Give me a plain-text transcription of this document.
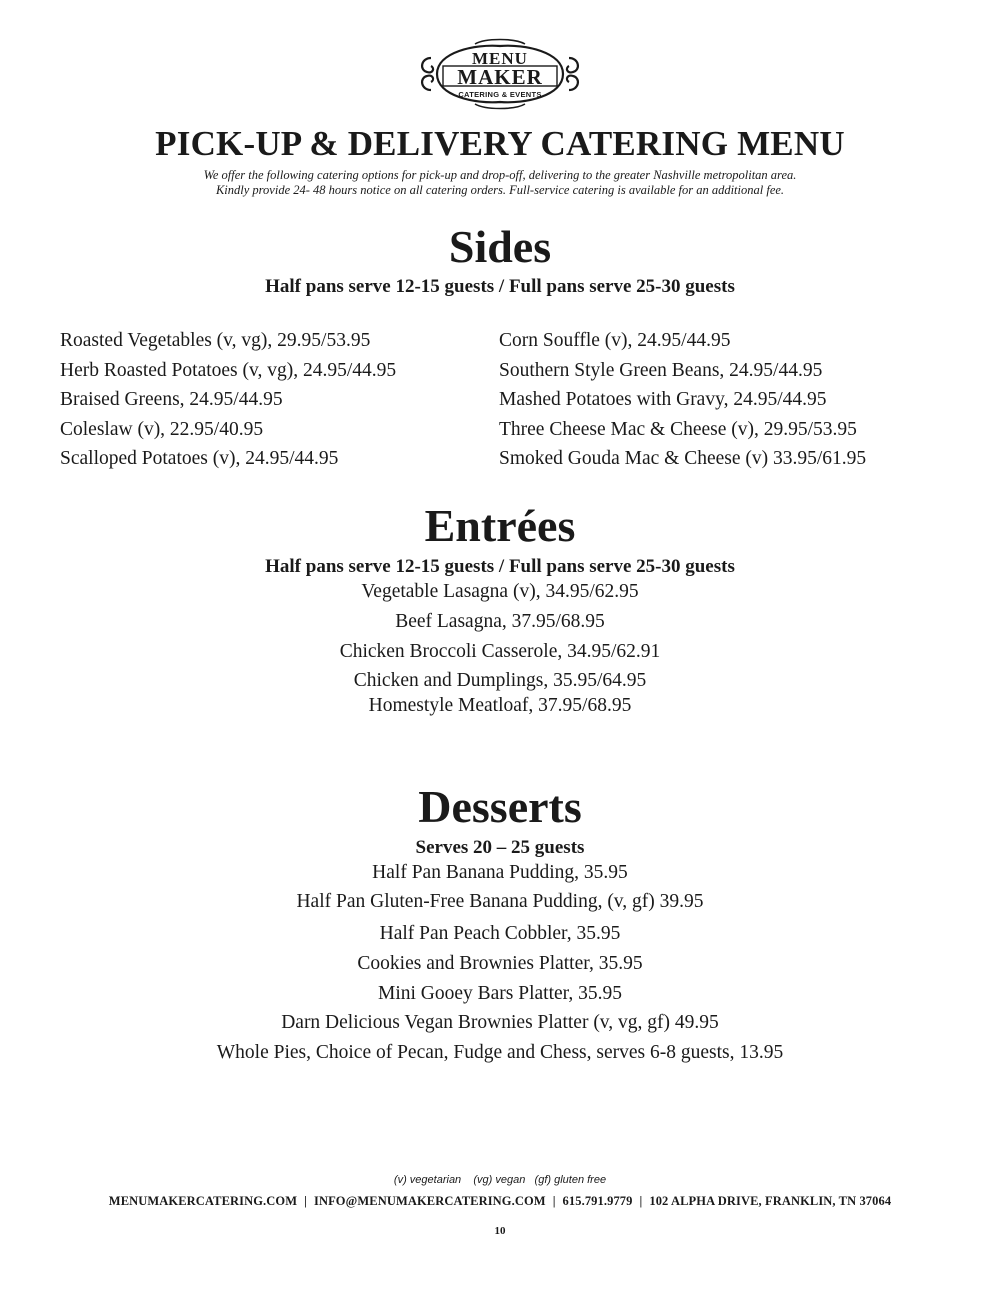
MENU
MAKER
CATERING & EVENTS
PICK-UP & DELIVERY CATERING MENU
We offer the following catering options for pick-up and drop-off, delivering to the greater Nashville metropolitan area.
Kindly provide 24- 48 hours notice on all catering orders. Full-service catering is available for an additional fee.
Sides
Half pans serve 12-15 guests / Full pans serve 25-30 guests
Roasted Vegetables (v, vg), 29.95/53.95
Herb Roasted Potatoes (v, vg), 24.95/44.95
Braised Greens, 24.95/44.95
Coleslaw (v), 22.95/40.95
Scalloped Potatoes (v), 24.95/44.95
Corn Souffle (v), 24.95/44.95
Southern Style Green Beans, 24.95/44.95
Mashed Potatoes with Gravy, 24.95/44.95
Three Cheese Mac & Cheese (v), 29.95/53.95
Smoked Gouda Mac & Cheese (v) 33.95/61.95
Entrées
Half pans serve 12-15 guests / Full pans serve 25-30 guests
Vegetable Lasagna (v), 34.95/62.95
Beef Lasagna, 37.95/68.95
Chicken Broccoli Casserole, 34.95/62.91
Chicken and Dumplings, 35.95/64.95
Homestyle Meatloaf, 37.95/68.95
Desserts
Serves 20 – 25 guests
Half Pan Banana Pudding, 35.95
Half Pan Gluten-Free Banana Pudding, (v, gf) 39.95
Half Pan Peach Cobbler, 35.95
Cookies and Brownies Platter, 35.95
Mini Gooey Bars Platter, 35.95
Darn Delicious Vegan Brownies Platter (v, vg, gf) 49.95
Whole Pies, Choice of Pecan, Fudge and Chess, serves 6-8 guests, 13.95
(v) vegetarian    (vg) vegan   (gf) gluten free
MENUMAKERCATERING.COM | INFO@MENUMAKERCATERING.COM | 615.791.9779 | 102 ALPHA DRIVE, FRANKLIN, TN 37064
10
